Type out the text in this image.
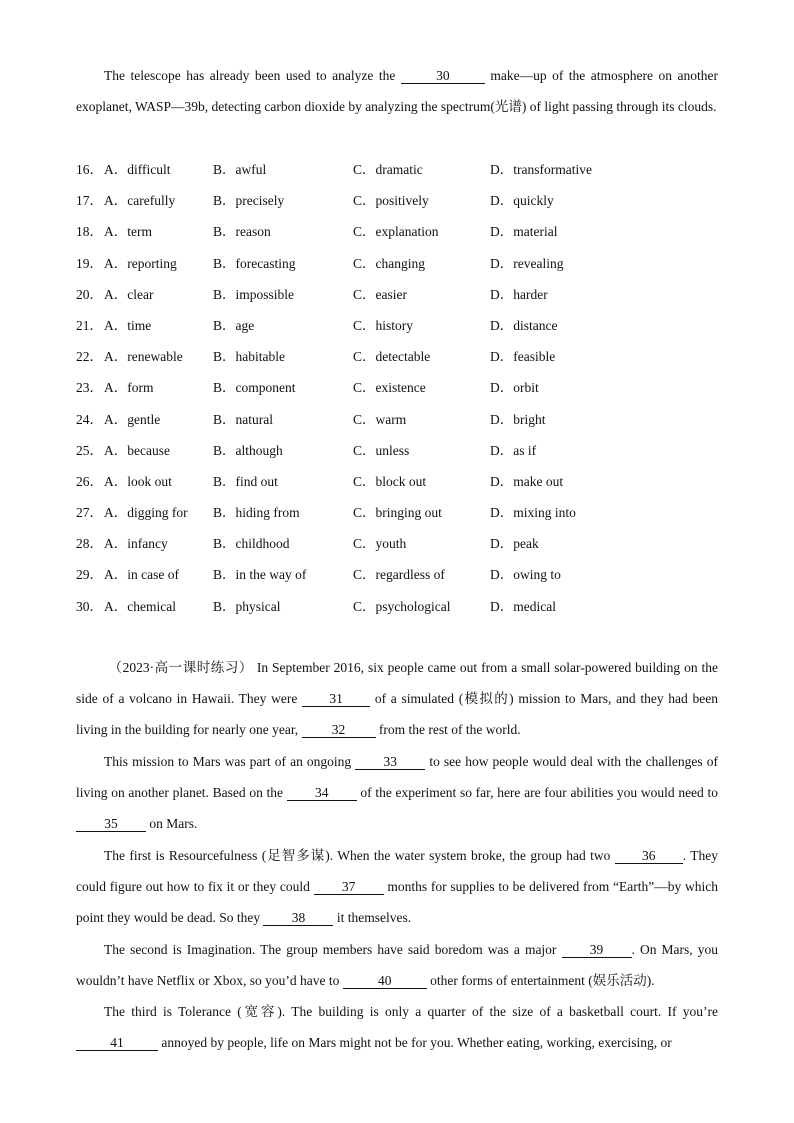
The telescope has already been used to analyze the	30	make—up of the atmosphere on another exoplanet, WASP—39b, detecting carbon dioxide by analyzing the spectrum(光谱) of light passing through its clouds.

16． A．difficult	B．awful	C．dramatic	D．transformative
17． A．carefully	B．precisely	C．positively	D．quickly
18． A．term	B．reason	C．explanation	D．material
19． A．reporting	B．forecasting	C．changing	D．revealing
20． A．clear	B．impossible	C．easier	D．harder
21． A．time	B．age	C．history	D．distance
22． A．renewable B．habitable	C．detectable	D．feasible
23． A．form	B．component	C．existence	D．orbit
24． A．gentle	B．natural	C．warm	D．bright
25． A．because	B．although	C．unless	D．as if
26． A．look out	B．find out	C．block out	D．make out
27． A．digging for B．hiding from	C．bringing out	D．mixing into
28． A．infancy	B．childhood	C．youth	D．peak
29． A．in case of	B．in the way of	C．regardless of	D．owing to
30． A．chemical	B．physical	C．psychological	D．medical

（2023·高一课时练习） In September 2016, six people came out from a small solar-powered building on the side of a volcano in Hawaii. They were 31 of a simulated (模拟的) mission to Mars, and they had been living in the building for nearly one year, 32 from the rest of the world.

This mission to Mars was part of an ongoing 33 to see how people would deal with the challenges of living on another planet. Based on the 34 of the experiment so far, here are four abilities you would need to 35 on Mars.

The first is Resourcefulness (足智多谋). When the water system broke, the group had two 36 . They could figure out how to fix it or they could 37 months for supplies to be delivered from “Earth”—by which point they would be dead. So they 38 it themselves.

The second is Imagination. The group members have said boredom was a major 39 . On Mars, you wouldn’t have Netflix or Xbox, so you’d have to	40	other forms of entertainment (娱乐活动).

The third is Tolerance (宽容). The building is only a quarter of the size of a basketball court. If you’re 41	annoyed by people, life on Mars might not be for you. Whether eating, working, exercising, or
